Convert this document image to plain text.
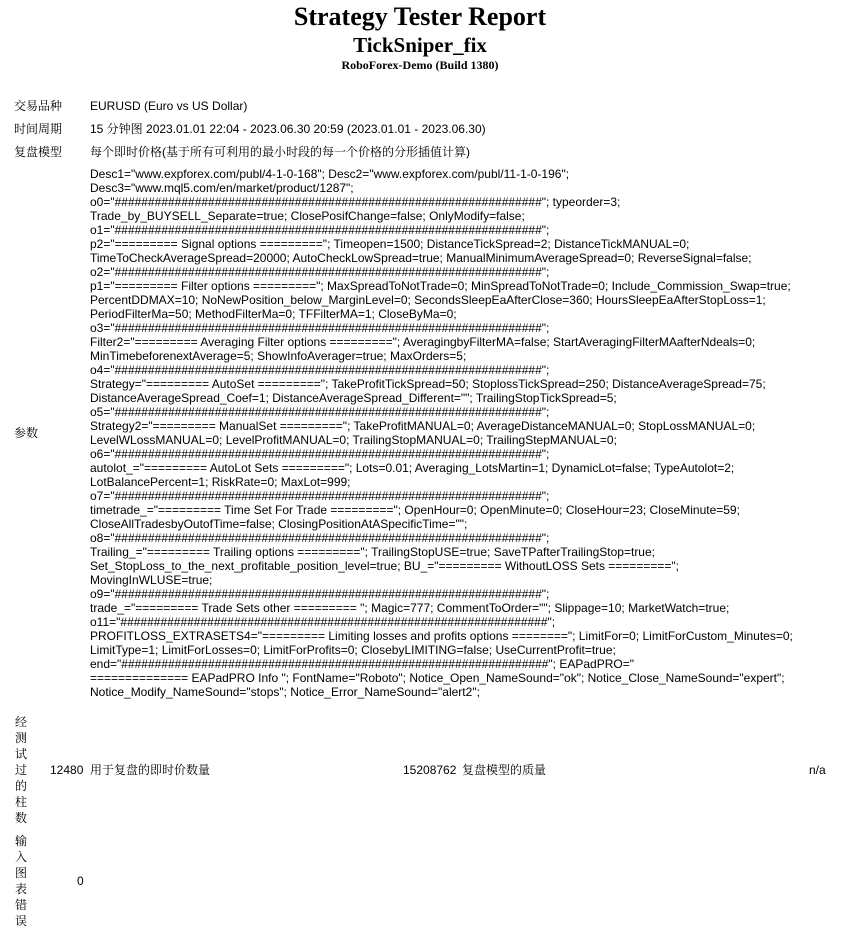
Strategy Tester Report
TickSniper_fix
RoboForex-Demo (Build 1380)
交易品种 EURUSD (Euro vs US Dollar)
时间周期 15 分钟图 2023.01.01 22:04 - 2023.06.30 20:59 (2023.01.01 - 2023.06.30)
复盘模型 每个即时价格(基于所有可利用的最小时段的每一个价格的分形插值计算)
参数
Desc1="www.expforex.com/publ/4-1-0-168"; Desc2="www.expforex.com/publ/11-1-0-196";
Desc3="www.mql5.com/en/market/product/1287";
o0="################################################################"; typeorder=3;
Trade_by_BUYSELL_Separate=true; ClosePosifChange=false; OnlyModify=false;
o1="################################################################";
p2="========= Signal options ========="; Timeopen=1500; DistanceTickSpread=2; DistanceTickMANUAL=0;
TimeToCheckAverageSpread=20000; AutoCheckLowSpread=true; ManualMinimumAverageSpread=0; ReverseSignal=false;
o2="################################################################";
p1="========= Filter options ========="; MaxSpreadToNotTrade=0; MinSpreadToNotTrade=0; Include_Commission_Swap=true;
PercentDDMAX=10; NoNewPosition_below_MarginLevel=0; SecondsSleepEaAfterClose=360; HoursSleepEaAfterStopLoss=1;
PeriodFilterMa=50; MethodFilterMa=0; TFFilterMA=1; CloseByMa=0;
o3="################################################################";
Filter2="========= Averaging Filter options ========="; AveragingbyFilterMA=false; StartAveragingFilterMAafterNdeals=0;
MinTimebeforenextAverage=5; ShowInfoAverager=true; MaxOrders=5;
o4="################################################################";
Strategy="========= AutoSet ========="; TakeProfitTickSpread=50; StoplossTickSpread=250; DistanceAverageSpread=75;
DistanceAverageSpread_Coef=1; DistanceAverageSpread_Different=""; TrailingStopTickSpread=5;
o5="################################################################";
Strategy2="========= ManualSet ========="; TakeProfitMANUAL=0; AverageDistanceMANUAL=0; StopLossMANUAL=0;
LevelWLossMANUAL=0; LevelProfitMANUAL=0; TrailingStopMANUAL=0; TrailingStepMANUAL=0;
o6="################################################################";
autolot_="========= AutoLot Sets ========="; Lots=0.01; Averaging_LotsMartin=1; DynamicLot=false; TypeAutolot=2;
LotBalancePercent=1; RiskRate=0; MaxLot=999;
o7="################################################################";
timetrade_="========= Time Set For Trade ========="; OpenHour=0; OpenMinute=0; CloseHour=23; CloseMinute=59;
CloseAllTradesbyOutofTime=false; ClosingPositionAtASpecificTime="";
o8="################################################################";
Trailing_="========= Trailing options ========="; TrailingStopUSE=true; SaveTPafterTrailingStop=true;
Set_StopLoss_to_the_next_profitable_position_level=true; BU_="========= WithoutLOSS Sets =========";
MovingInWLUSE=true;
o9="################################################################";
trade_="========= Trade Sets other ========= "; Magic=777; CommentToOrder=""; Slippage=10; MarketWatch=true;
o11="################################################################";
PROFITLOSS_EXTRASETS4="========= Limiting losses and profits options ========"; LimitFor=0; LimitForCustom_Minutes=0;
LimitType=1; LimitForLosses=0; LimitForProfits=0; ClosebyLIMITING=false; UseCurrentProfit=true;
end="################################################################"; EAPadPRO="
============== EAPadPRO Info "; FontName="Roboto"; Notice_Open_NameSound="ok"; Notice_Close_NameSound="expert";
Notice_Modify_NameSound="stops"; Notice_Error_NameSound="alert2";
经
测
试
过
的
柱
数
12480 用于复盘的即时价数量	15208762 复盘模型的质量	n/a
输
入
图
表
错
误
0
